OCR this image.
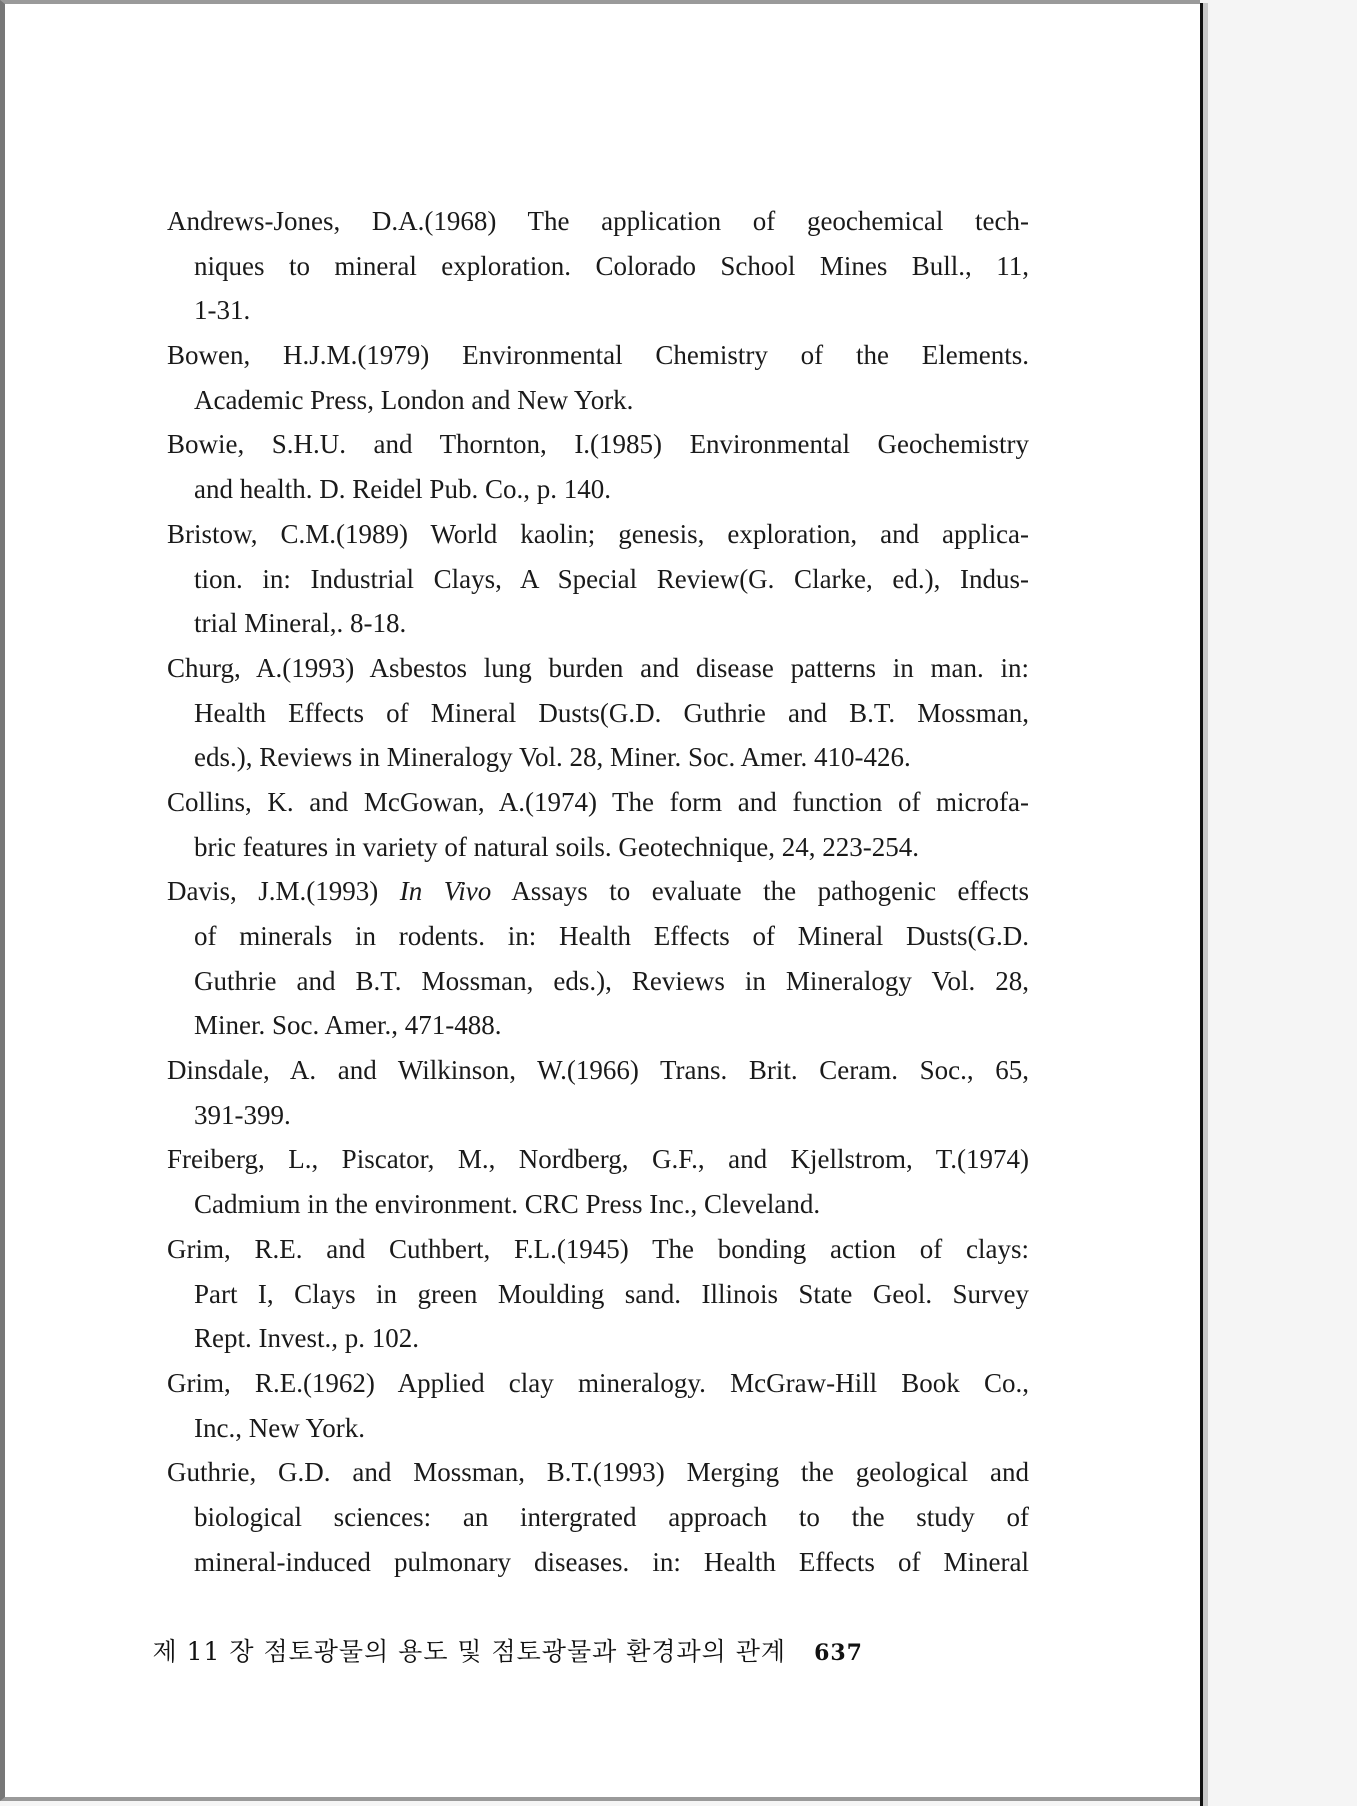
Andrews-Jones, D.A.(1968) The application of geochemical tech-
niques to mineral exploration. Colorado School Mines Bull., 11,
1-31.
Bowen, H.J.M.(1979) Environmental Chemistry of the Elements.
Academic Press, London and New York.
Bowie, S.H.U. and Thornton, I.(1985) Environmental Geochemistry
and health. D. Reidel Pub. Co., p. 140.
Bristow, C.M.(1989) World kaolin; genesis, exploration, and applica-
tion. in: Industrial Clays, A Special Review(G. Clarke, ed.), Indus-
trial Mineral,. 8-18.
Churg, A.(1993) Asbestos lung burden and disease patterns in man. in:
Health Effects of Mineral Dusts(G.D. Guthrie and B.T. Mossman,
eds.), Reviews in Mineralogy Vol. 28, Miner. Soc. Amer. 410-426.
Collins, K. and McGowan, A.(1974) The form and function of microfa-
bric features in variety of natural soils. Geotechnique, 24, 223-254.
Davis, J.M.(1993) In Vivo Assays to evaluate the pathogenic effects
of minerals in rodents. in: Health Effects of Mineral Dusts(G.D.
Guthrie and B.T. Mossman, eds.), Reviews in Mineralogy Vol. 28,
Miner. Soc. Amer., 471-488.
Dinsdale, A. and Wilkinson, W.(1966) Trans. Brit. Ceram. Soc., 65,
391-399.
Freiberg, L., Piscator, M., Nordberg, G.F., and Kjellstrom, T.(1974)
Cadmium in the environment. CRC Press Inc., Cleveland.
Grim, R.E. and Cuthbert, F.L.(1945) The bonding action of clays:
Part I, Clays in green Moulding sand. Illinois State Geol. Survey
Rept. Invest., p. 102.
Grim, R.E.(1962) Applied clay mineralogy. McGraw-Hill Book Co.,
Inc., New York.
Guthrie, G.D. and Mossman, B.T.(1993) Merging the geological and
biological sciences: an intergrated approach to the study of
mineral-induced pulmonary diseases. in: Health Effects of Mineral
제 11 장 점토광물의 용도 및 점토광물과 환경과의 관계 637
